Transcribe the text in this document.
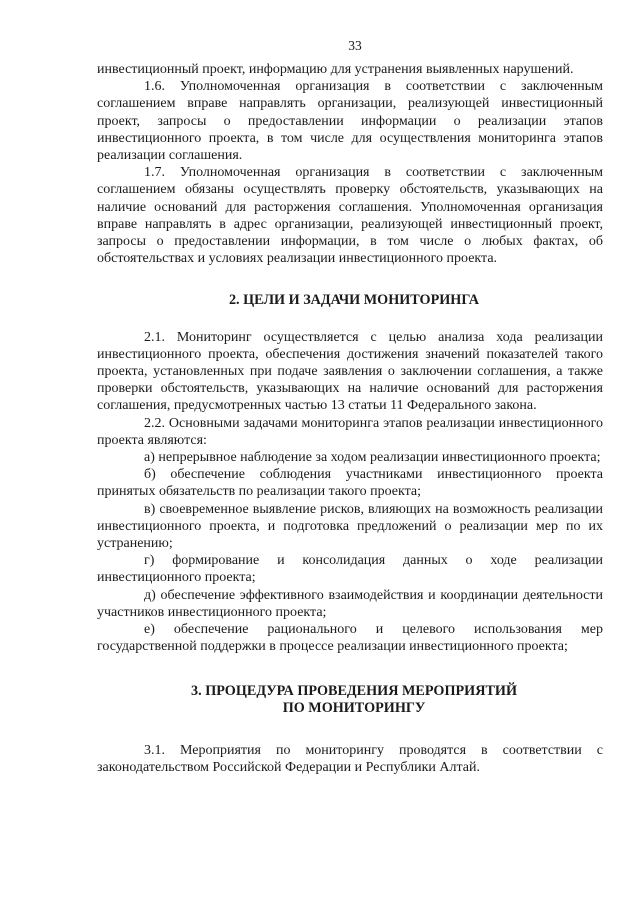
33

инвестиционный проект, информацию для устранения выявленных нарушений.

1.6. Уполномоченная организация в соответствии с заключенным соглашением вправе направлять организации, реализующей инвестиционный проект, запросы о предоставлении информации о реализации этапов инвестиционного проекта, в том числе для осуществления мониторинга этапов реализации соглашения.

1.7. Уполномоченная организация в соответствии с заключенным соглашением обязаны осуществлять проверку обстоятельств, указывающих на наличие оснований для расторжения соглашения. Уполномоченная организация вправе направлять в адрес организации, реализующей инвестиционный проект, запросы о предоставлении информации, в том числе о любых фактах, об обстоятельствах и условиях реализации инвестиционного проекта.

2. ЦЕЛИ И ЗАДАЧИ МОНИТОРИНГА

2.1. Мониторинг осуществляется с целью анализа хода реализации инвестиционного проекта, обеспечения достижения значений показателей такого проекта, установленных при подаче заявления о заключении соглашения, а также проверки обстоятельств, указывающих на наличие оснований для расторжения соглашения, предусмотренных частью 13 статьи 11 Федерального закона.

2.2. Основными задачами мониторинга этапов реализации инвестиционного проекта являются:

а) непрерывное наблюдение за ходом реализации инвестиционного проекта;

б) обеспечение соблюдения участниками инвестиционного проекта принятых обязательств по реализации такого проекта;

в) своевременное выявление рисков, влияющих на возможность реализации инвестиционного проекта, и подготовка предложений о реализации мер по их устранению;

г) формирование и консолидация данных о ходе реализации инвестиционного проекта;

д) обеспечение эффективного взаимодействия и координации деятельности участников инвестиционного проекта;

е) обеспечение рационального и целевого использования мер государственной поддержки в процессе реализации инвестиционного проекта;

3. ПРОЦЕДУРА ПРОВЕДЕНИЯ МЕРОПРИЯТИЙ
ПО МОНИТОРИНГУ

3.1. Мероприятия по мониторингу проводятся в соответствии с законодательством Российской Федерации и Республики Алтай.
